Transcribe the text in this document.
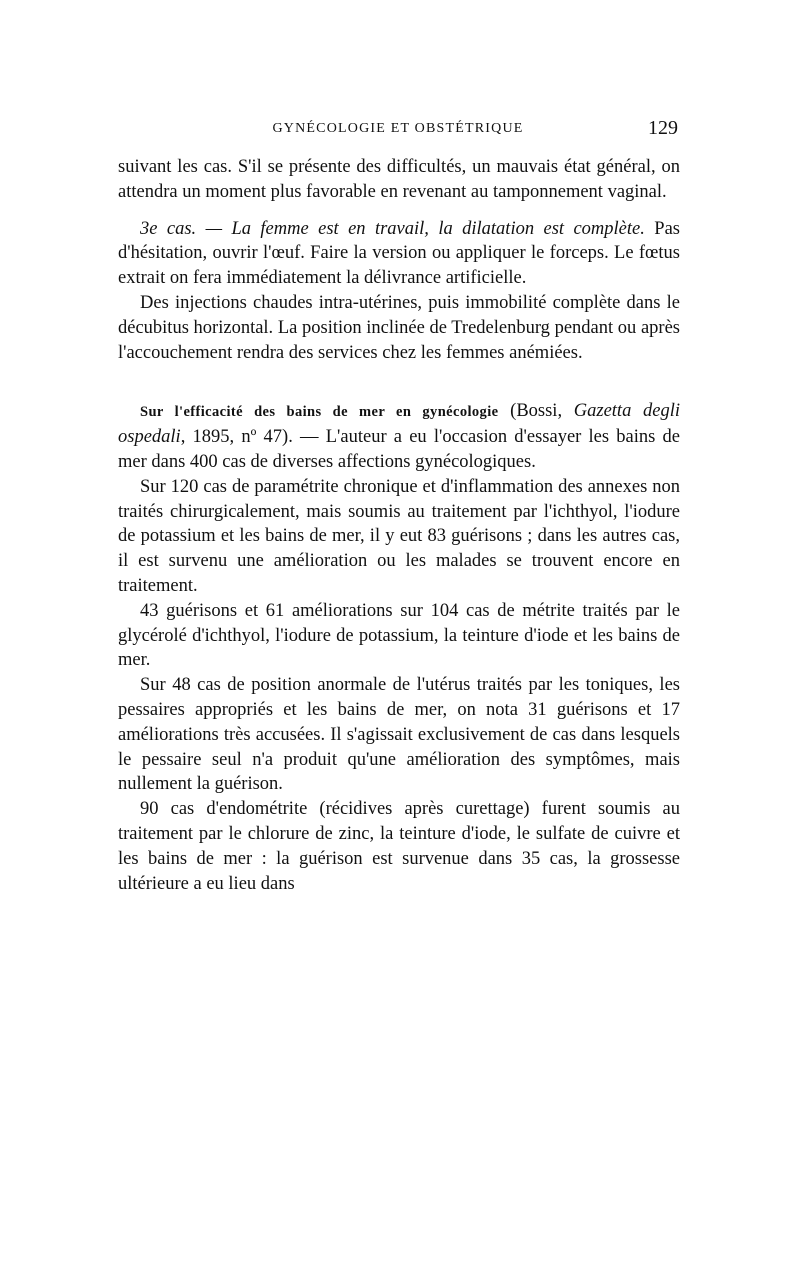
GYNÉCOLOGIE ET OBSTÉTRIQUE	129

suivant les cas. S'il se présente des difficultés, un mauvais état général, on attendra un moment plus favorable en revenant au tamponnement vaginal.

3e cas. — La femme est en travail, la dilatation est complète. Pas d'hésitation, ouvrir l'œuf. Faire la version ou appliquer le forceps. Le fœtus extrait on fera immédiatement la délivrance artificielle.

Des injections chaudes intra-utérines, puis immobilité complète dans le décubitus horizontal. La position inclinée de Tredelenburg pendant ou après l'accouchement rendra des services chez les femmes anémiées.

Sur l'efficacité des bains de mer en gynécologie (Bossi, Gazetta degli ospedali, 1895, nº 47). — L'auteur a eu l'occasion d'essayer les bains de mer dans 400 cas de diverses affections gynécologiques.

Sur 120 cas de paramétrite chronique et d'inflammation des annexes non traités chirurgicalement, mais soumis au traitement par l'ichthyol, l'iodure de potassium et les bains de mer, il y eut 83 guérisons ; dans les autres cas, il est survenu une amélioration ou les malades se trouvent encore en traitement.

43 guérisons et 61 améliorations sur 104 cas de métrite traités par le glycérolé d'ichthyol, l'iodure de potassium, la teinture d'iode et les bains de mer.

Sur 48 cas de position anormale de l'utérus traités par les toniques, les pessaires appropriés et les bains de mer, on nota 31 guérisons et 17 améliorations très accusées. Il s'agissait exclusivement de cas dans lesquels le pessaire seul n'a produit qu'une amélioration des symptômes, mais nullement la guérison.

90 cas d'endométrite (récidives après curettage) furent soumis au traitement par le chlorure de zinc, la teinture d'iode, le sulfate de cuivre et les bains de mer : la guérison est survenue dans 35 cas, la grossesse ultérieure a eu lieu dans
